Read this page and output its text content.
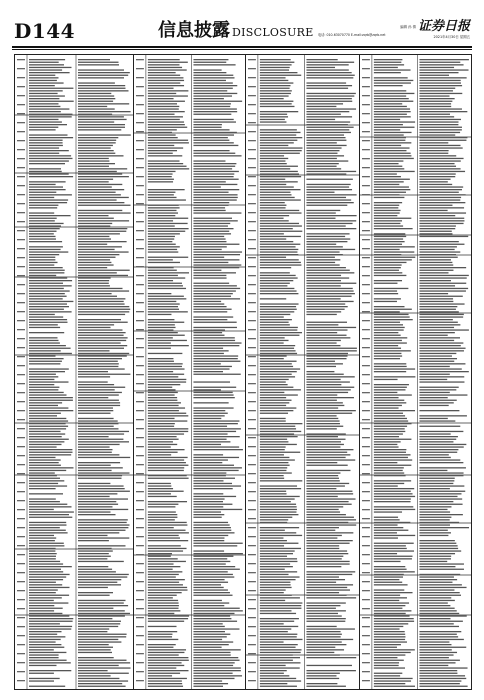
D144	信息披露 DISCLOSURE 电话: 010-63070770 E-mail:zqrb@zqrb.net
编辑 孙 倩 证券日报
2021年4月30日 星期五
